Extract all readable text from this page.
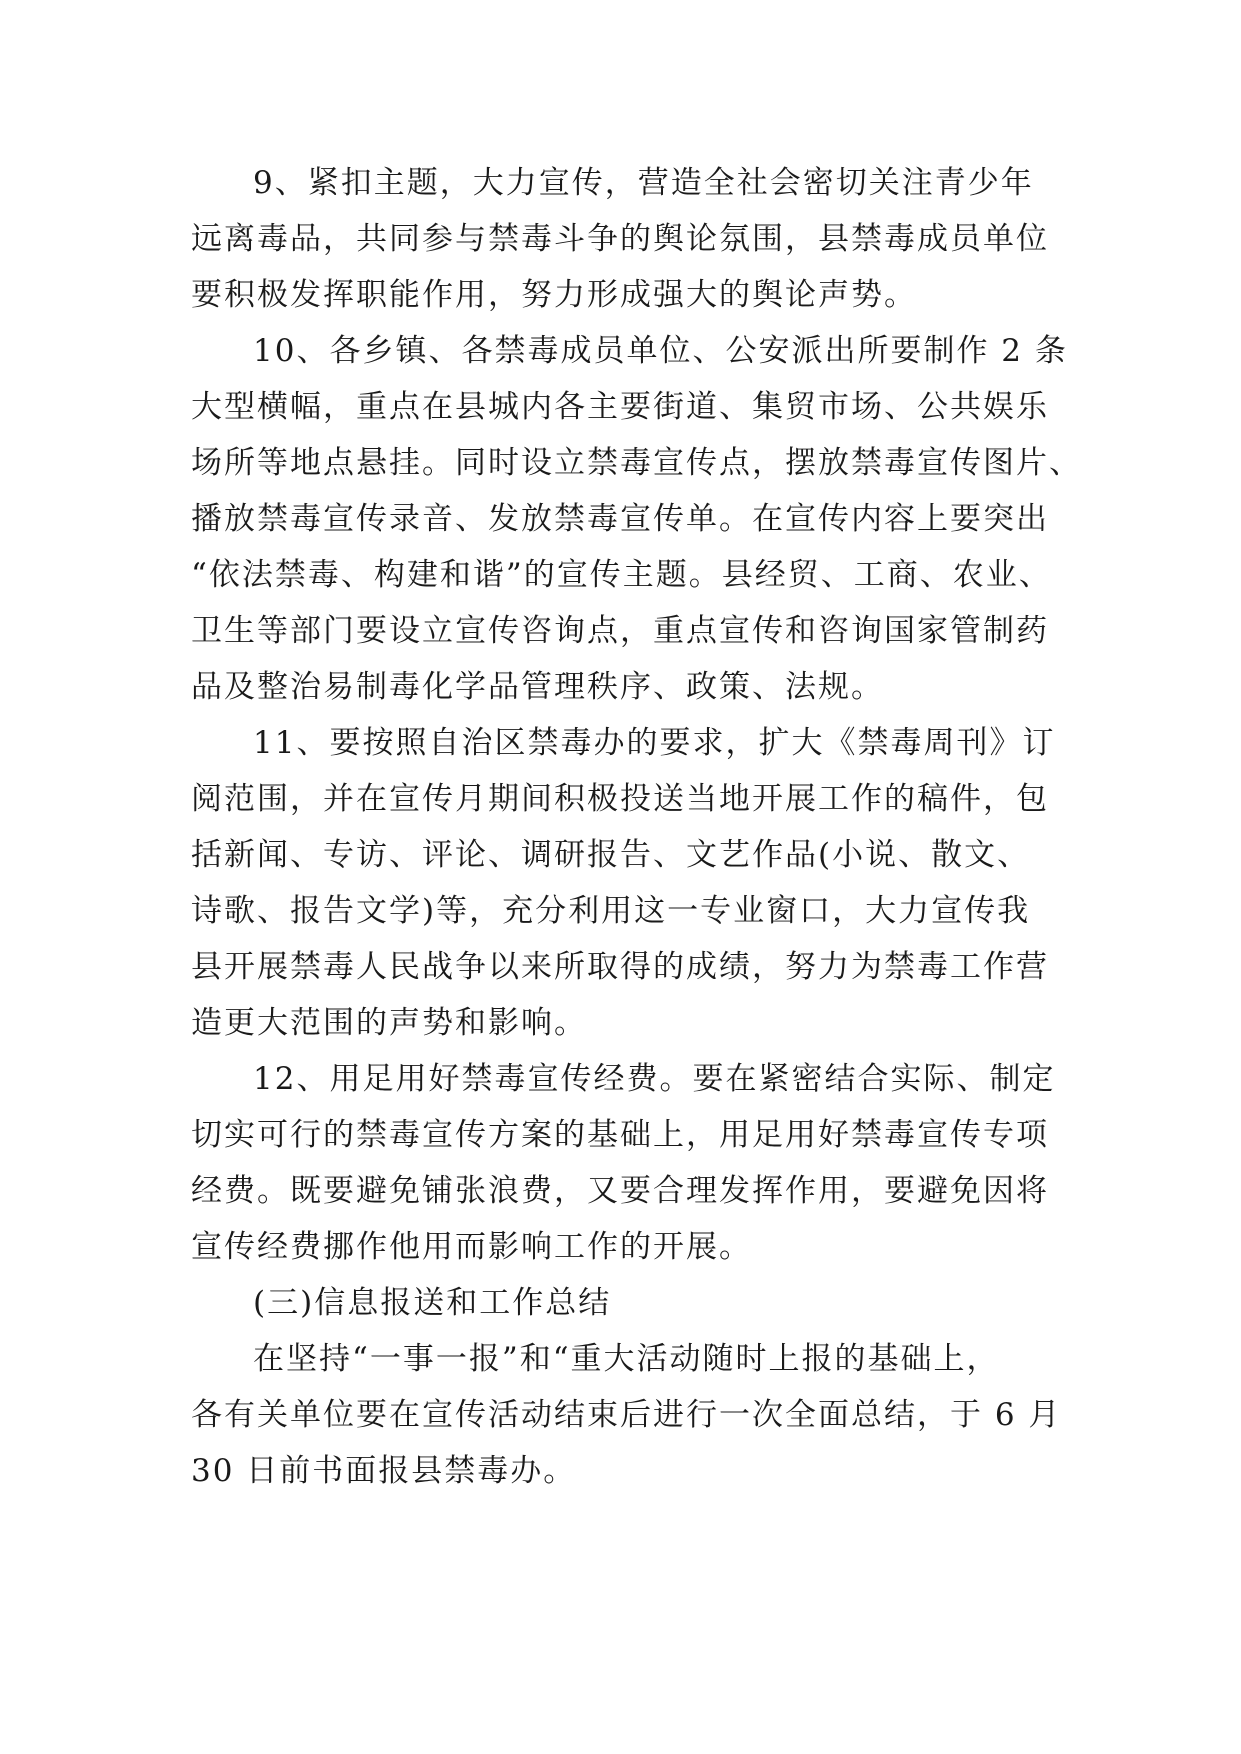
9、紧扣主题，大力宣传，营造全社会密切关注青少年
远离毒品，共同参与禁毒斗争的舆论氛围，县禁毒成员单位
要积极发挥职能作用，努力形成强大的舆论声势。

10、各乡镇、各禁毒成员单位、公安派出所要制作 2 条
大型横幅，重点在县城内各主要街道、集贸市场、公共娱乐
场所等地点悬挂。同时设立禁毒宣传点，摆放禁毒宣传图片、
播放禁毒宣传录音、发放禁毒宣传单。在宣传内容上要突出
“依法禁毒、构建和谐”的宣传主题。县经贸、工商、农业、
卫生等部门要设立宣传咨询点，重点宣传和咨询国家管制药
品及整治易制毒化学品管理秩序、政策、法规。

11、要按照自治区禁毒办的要求，扩大《禁毒周刊》订
阅范围，并在宣传月期间积极投送当地开展工作的稿件，包
括新闻、专访、评论、调研报告、文艺作品(小说、散文、
诗歌、报告文学)等，充分利用这一专业窗口，大力宣传我
县开展禁毒人民战争以来所取得的成绩，努力为禁毒工作营
造更大范围的声势和影响。

12、用足用好禁毒宣传经费。要在紧密结合实际、制定
切实可行的禁毒宣传方案的基础上，用足用好禁毒宣传专项
经费。既要避免铺张浪费，又要合理发挥作用，要避免因将
宣传经费挪作他用而影响工作的开展。

(三)信息报送和工作总结

在坚持“一事一报”和“重大活动随时上报的基础上，
各有关单位要在宣传活动结束后进行一次全面总结，于 6 月
30 日前书面报县禁毒办。
